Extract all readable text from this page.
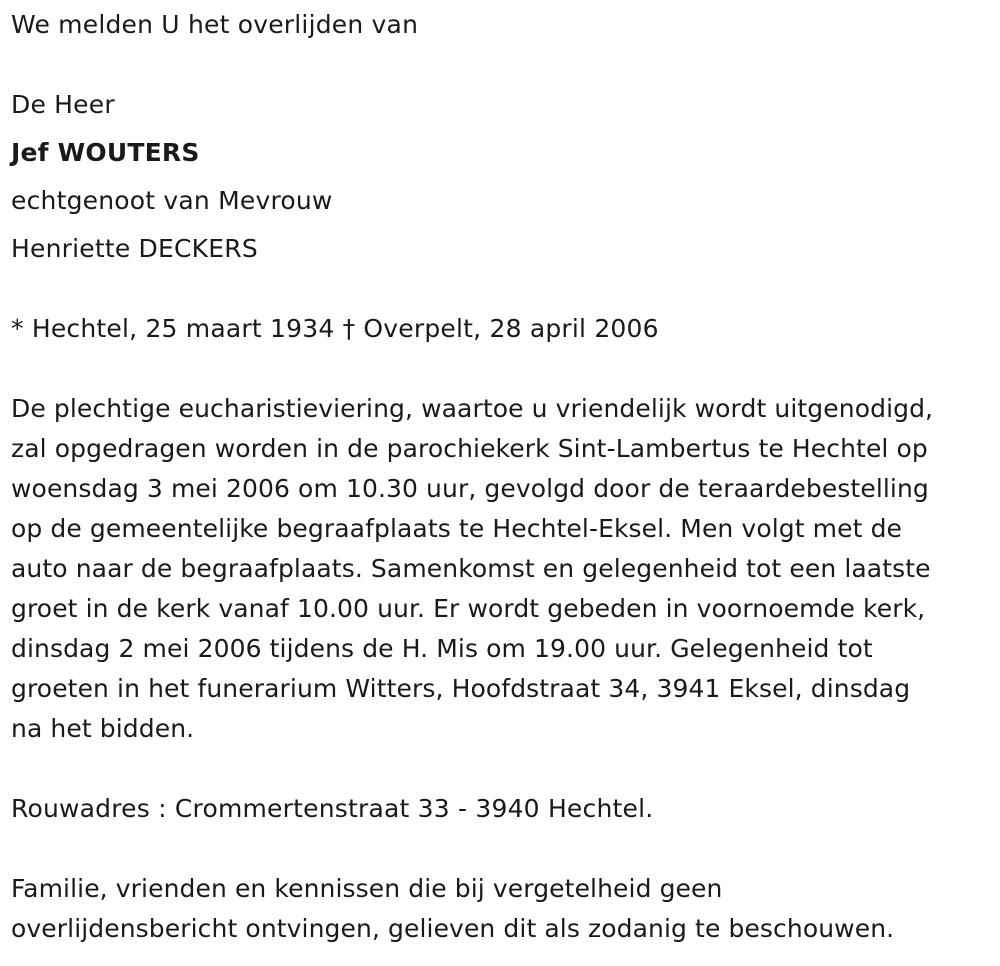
We melden U het overlijden van
De Heer
Jef WOUTERS
echtgenoot van Mevrouw
Henriette DECKERS
* Hechtel, 25 maart 1934 † Overpelt, 28 april 2006
De plechtige eucharistieviering, waartoe u vriendelijk wordt uitgenodigd,
zal opgedragen worden in de parochiekerk Sint-Lambertus te Hechtel op
woensdag 3 mei 2006 om 10.30 uur, gevolgd door de teraardebestelling
op de gemeentelijke begraafplaats te Hechtel-Eksel. Men volgt met de
auto naar de begraafplaats. Samenkomst en gelegenheid tot een laatste
groet in de kerk vanaf 10.00 uur. Er wordt gebeden in voornoemde kerk,
dinsdag 2 mei 2006 tijdens de H. Mis om 19.00 uur. Gelegenheid tot
groeten in het funerarium Witters, Hoofdstraat 34, 3941 Eksel, dinsdag
na het bidden.
Rouwadres : Crommertenstraat 33 - 3940 Hechtel.
Familie, vrienden en kennissen die bij vergetelheid geen
overlijdensbericht ontvingen, gelieven dit als zodanig te beschouwen.
